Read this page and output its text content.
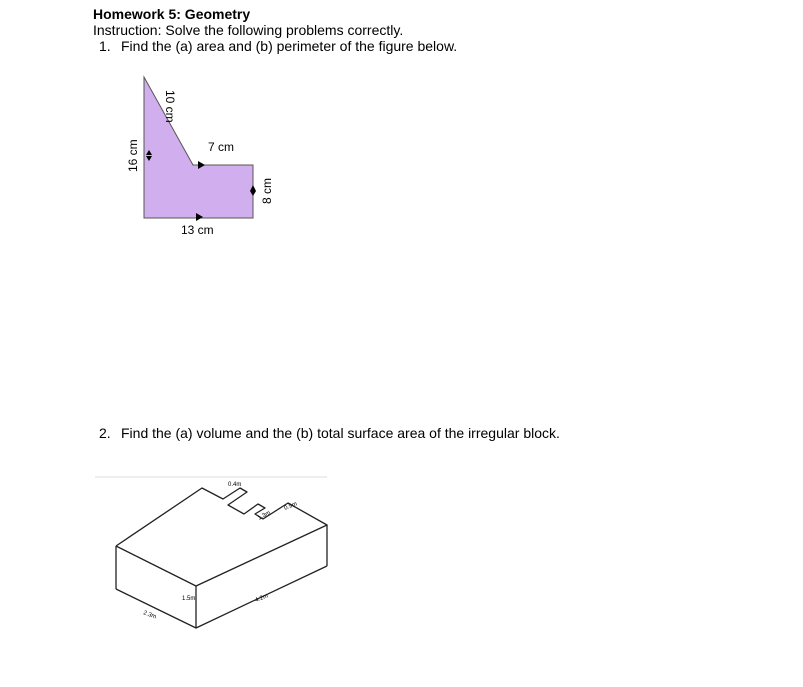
Homework 5: Geometry
Instruction: Solve the following problems correctly.
1. Find the (a) area and (b) perimeter of the figure below.
2. Find the (a) volume and the (b) total surface area of the irregular block.
10 cm
16 cm	7 cm
8 cm
13 cm
0.4m
1.3m
0.9m
1.5m
2.3m
4.2m
